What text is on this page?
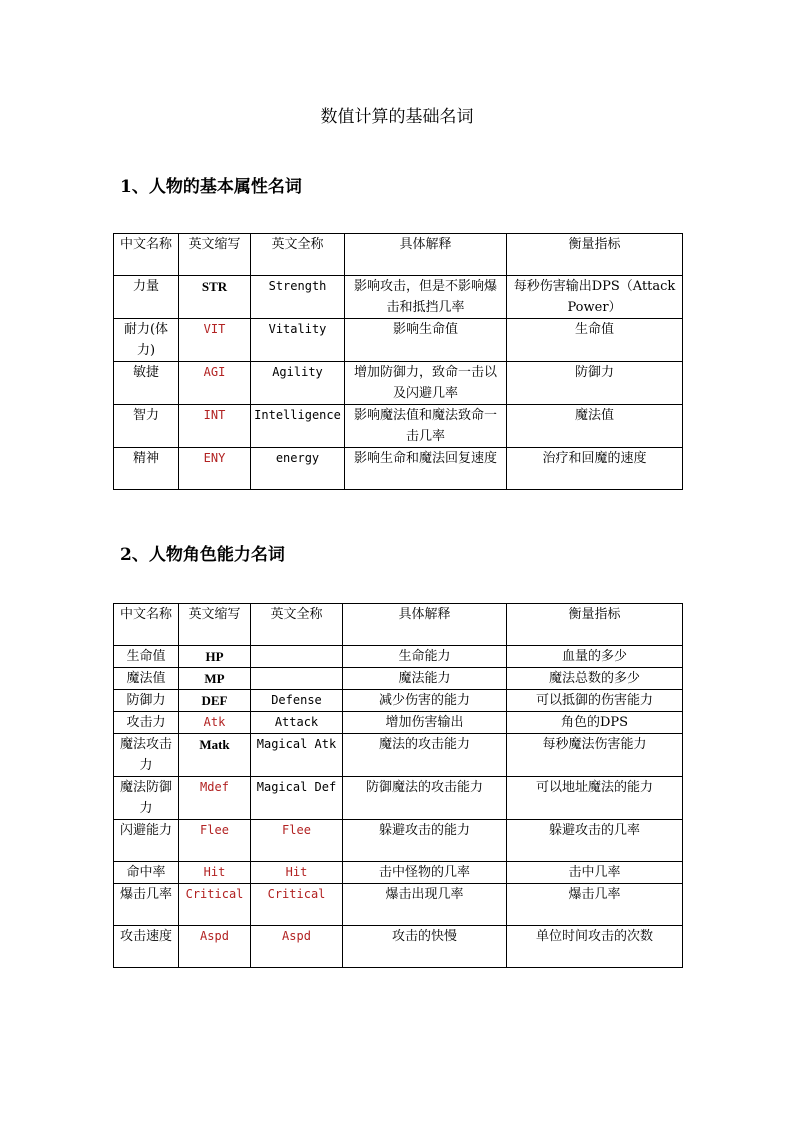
数值计算的基础名词
1、人物的基本属性名词
中文名称	英文缩写	英文全称	具体解释	衡量指标
力量	STR	Strength	影响攻击，但是不影响爆击和抵挡几率	每秒伤害输出DPS（Attack Power）
耐力(体力)	VIT	Vitality	影响生命值	生命值
敏捷	AGI	Agility	增加防御力，致命一击以及闪避几率	防御力
智力	INT	Intelligence	影响魔法值和魔法致命一击几率	魔法值
精神	ENY	energy	影响生命和魔法回复速度	治疗和回魔的速度
2、人物角色能力名词
中文名称	英文缩写	英文全称	具体解释	衡量指标
生命值	HP		生命能力	血量的多少
魔法值	MP		魔法能力	魔法总数的多少
防御力	DEF	Defense	减少伤害的能力	可以抵御的伤害能力
攻击力	Atk	Attack	增加伤害输出	角色的DPS
魔法攻击力	Matk	Magical Atk	魔法的攻击能力	每秒魔法伤害能力
魔法防御力	Mdef	Magical Def	防御魔法的攻击能力	可以地址魔法的能力
闪避能力	Flee	Flee	躲避攻击的能力	躲避攻击的几率
命中率	Hit	Hit	击中怪物的几率	击中几率
爆击几率	Critical	Critical	爆击出现几率	爆击几率
攻击速度	Aspd	Aspd	攻击的快慢	单位时间攻击的次数
